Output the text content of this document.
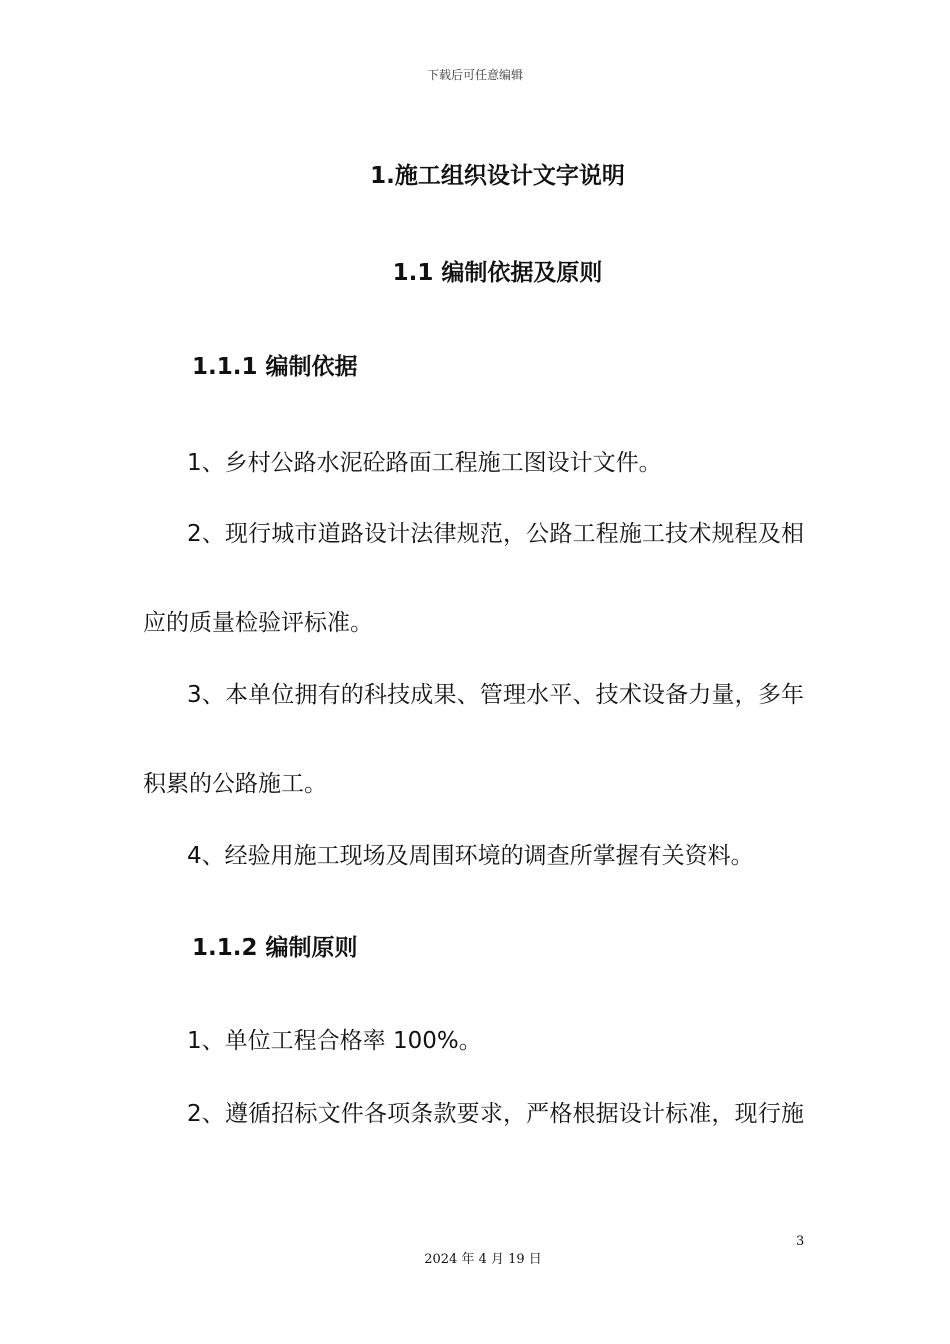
下载后可任意编辑
1.施工组织设计文字说明
1.1 编制依据及原则
1.1.1 编制依据
1、乡村公路水泥砼路面工程施工图设计文件。
2、现行城市道路设计法律规范，公路工程施工技术规程及相
应的质量检验评标准。
3、本单位拥有的科技成果、管理水平、技术设备力量，多年
积累的公路施工。
4、经验用施工现场及周围环境的调查所掌握有关资料。
1.1.2 编制原则
1、单位工程合格率 100%。
2、遵循招标文件各项条款要求，严格根据设计标准，现行施
3
2024 年 4 月 19 日
